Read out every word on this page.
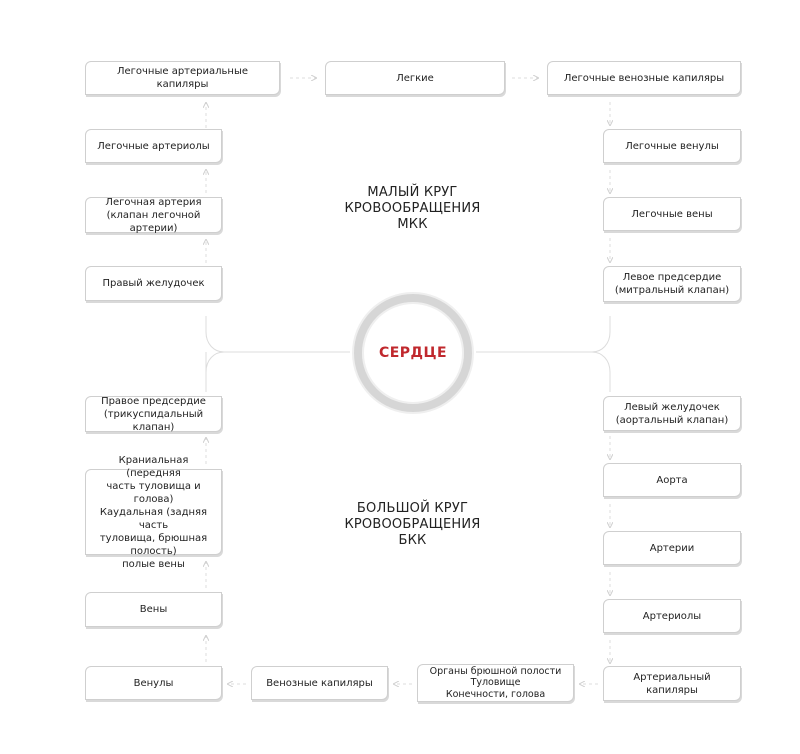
Легочные артериальные капиляры
Легкие	Легочные венозные капиляры
Легочные артериолы
Легочная артерия
(клапан легочной артерии)
Правый желудочек
Легочные венулы
Легочные вены
Левое предсердие
(митральный клапан)
МАЛЫЙ КРУГ
КРОВООБРАЩЕНИЯ
МКК
СЕРДЦЕ
Правое предсердие
(трикуспидальный клапан)
Краниальная (передняя
часть туловища и голова)
Каудальная (задняя часть
туловища, брюшная полость)
полые вены
Вены
Венулы
Левый желудочек
(аортальный клапан)
Аорта
Артерии
Артериолы
Артериальный капиляры
Венозные капиляры
Органы брюшной полости
Туловище
Конечности, голова
БОЛЬШОЙ КРУГ
КРОВООБРАЩЕНИЯ
БКК
